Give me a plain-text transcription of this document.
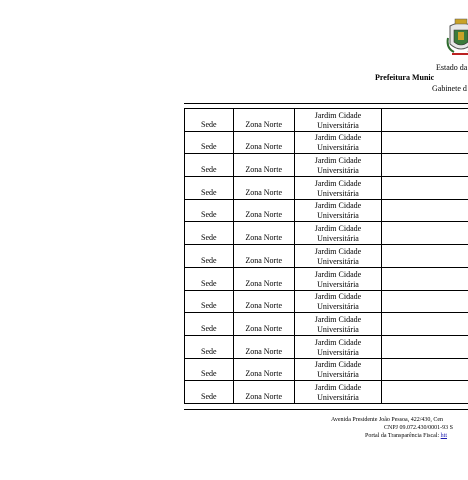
Estado da
Prefeitura Munic
Gabinete d
Sede	Zona Norte	Jardim Cidade
Universitária	

Sede	Zona Norte	Jardim Cidade
Universitária	

Sede	Zona Norte	Jardim Cidade
Universitária	

Sede	Zona Norte	Jardim Cidade
Universitária	

Sede	Zona Norte	Jardim Cidade
Universitária	

Sede	Zona Norte	Jardim Cidade
Universitária	

Sede	Zona Norte	Jardim Cidade
Universitária	

Sede	Zona Norte	Jardim Cidade
Universitária	

Sede	Zona Norte	Jardim Cidade
Universitária	

Sede	Zona Norte	Jardim Cidade
Universitária	

Sede	Zona Norte	Jardim Cidade
Universitária	

Sede	Zona Norte	Jardim Cidade
Universitária	

Sede	Zona Norte	Jardim Cidade
Universitária	

Avenida Presidente João Pessoa, 422/430, Cen
CNPJ 09.072.430/0001-93 S
Portal da Transparência Fiscal: htt
